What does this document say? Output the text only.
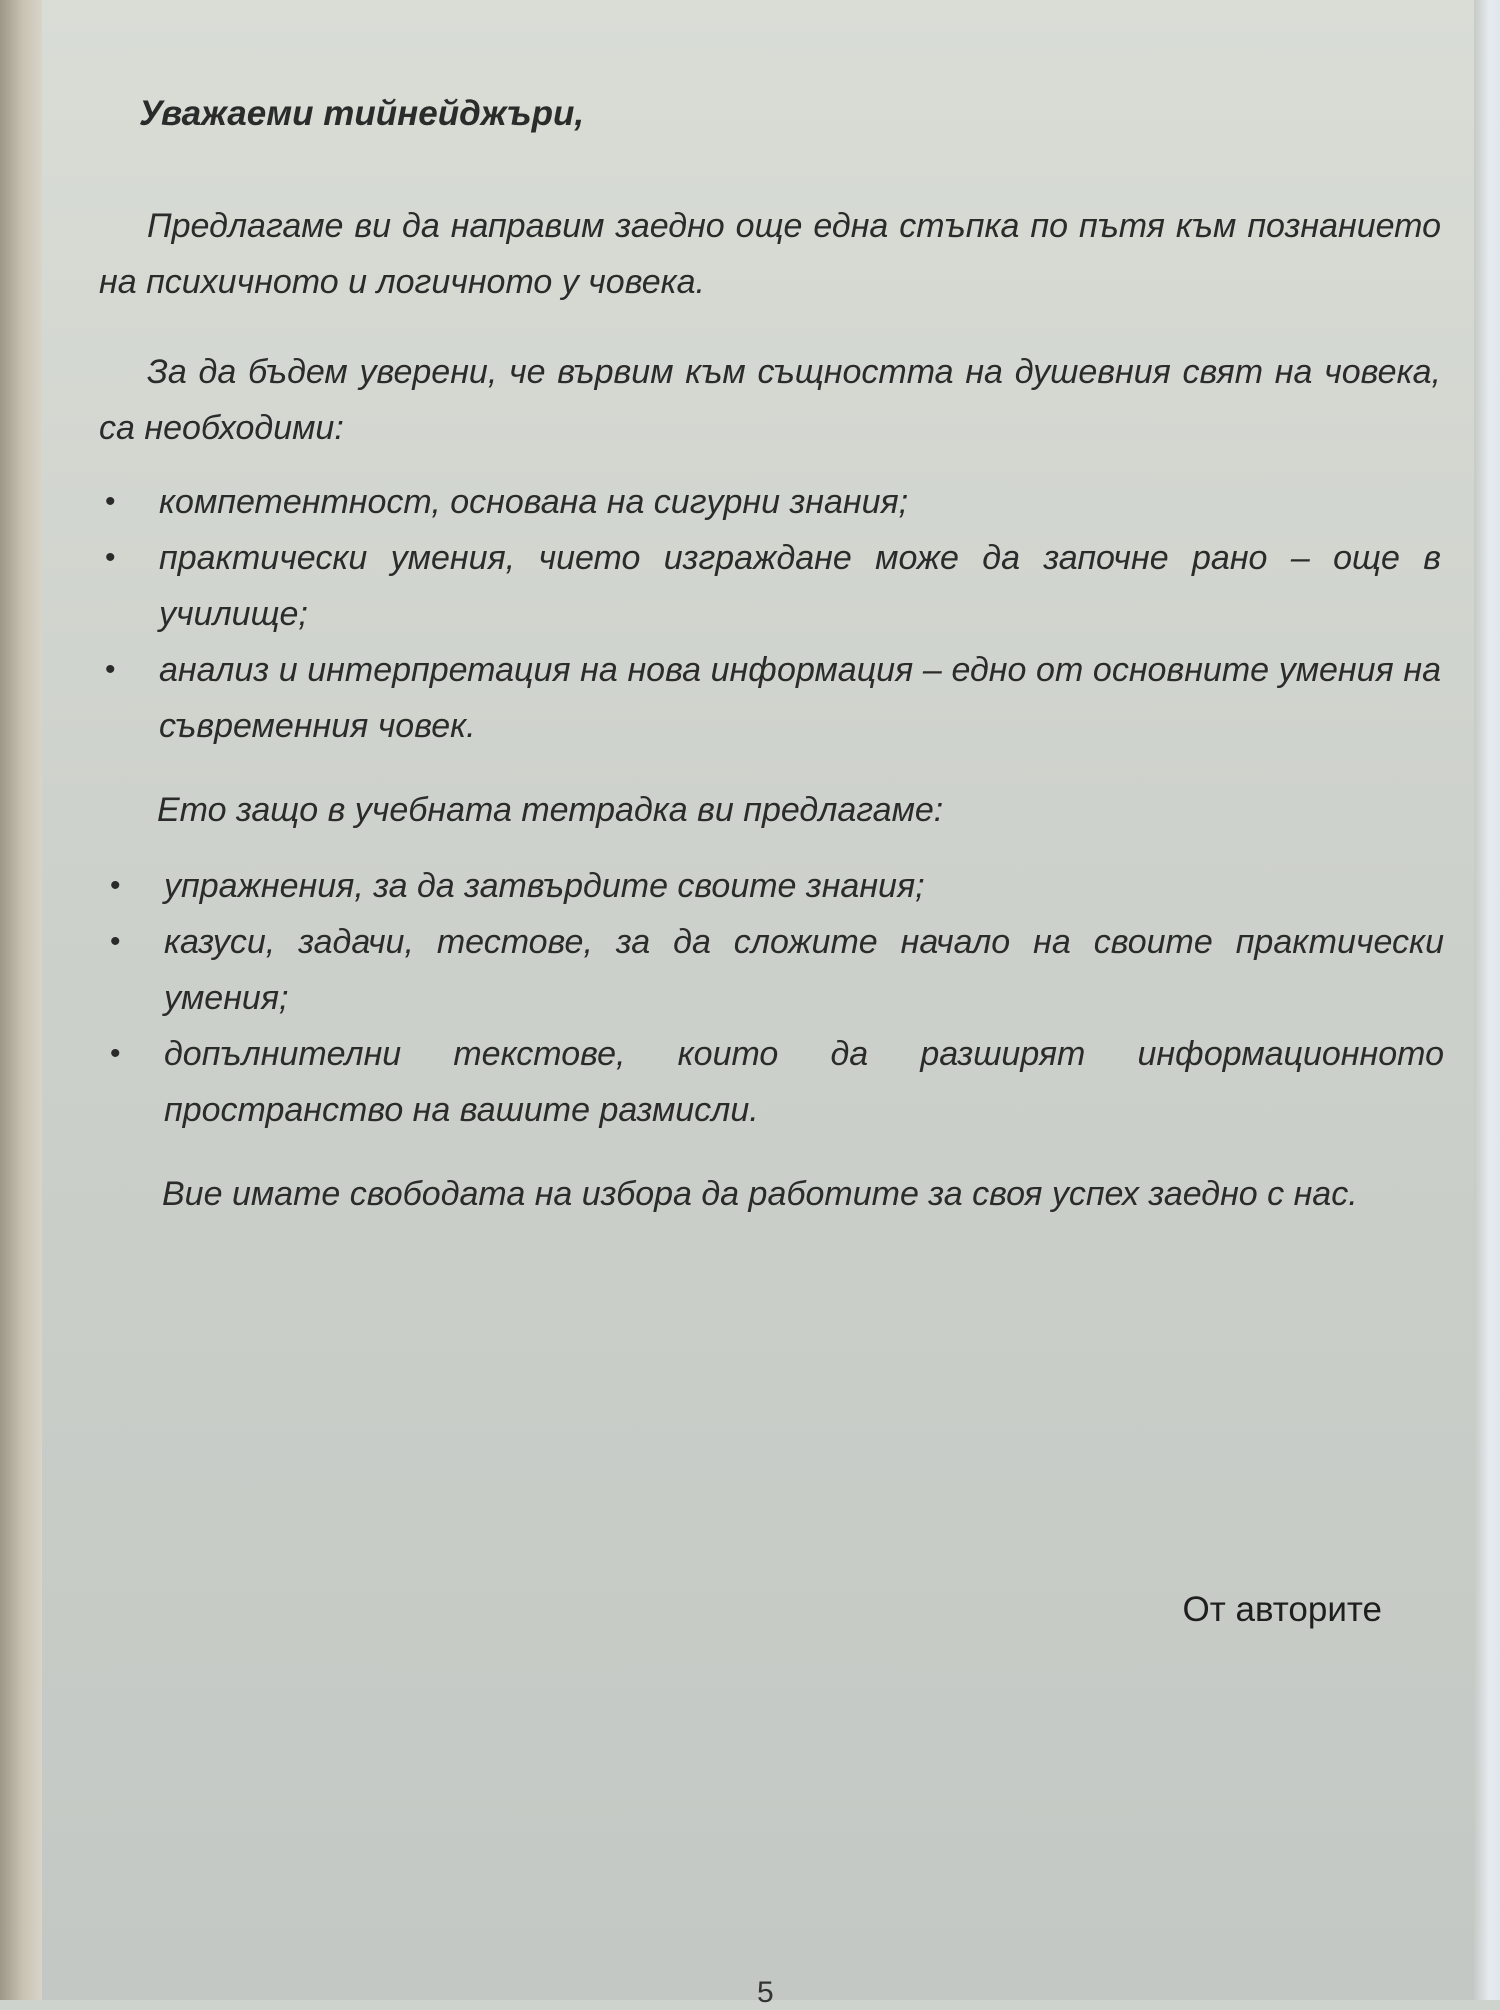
Уважаеми тийнейджъри,

Предлагаме ви да направим заедно още една стъпка по пътя към познанието на психичното и логичното у човека.

За да бъдем уверени, че вървим към същността на душевния свят на човека, са необходими:

• компетентност, основана на сигурни знания;
• практически умения, чието изграждане може да започне рано – още в училище;
• анализ и интерпретация на нова информация – едно от основните умения на съвременния човек.

Ето защо в учебната тетрадка ви предлагаме:

• упражнения, за да затвърдите своите знания;
• казуси, задачи, тестове, за да сложите начало на своите практически умения;
• допълнителни текстове, които да разширят информационното пространство на вашите размисли.

Вие имате свободата на избора да работите за своя успех заедно с нас.

От авторите
5
